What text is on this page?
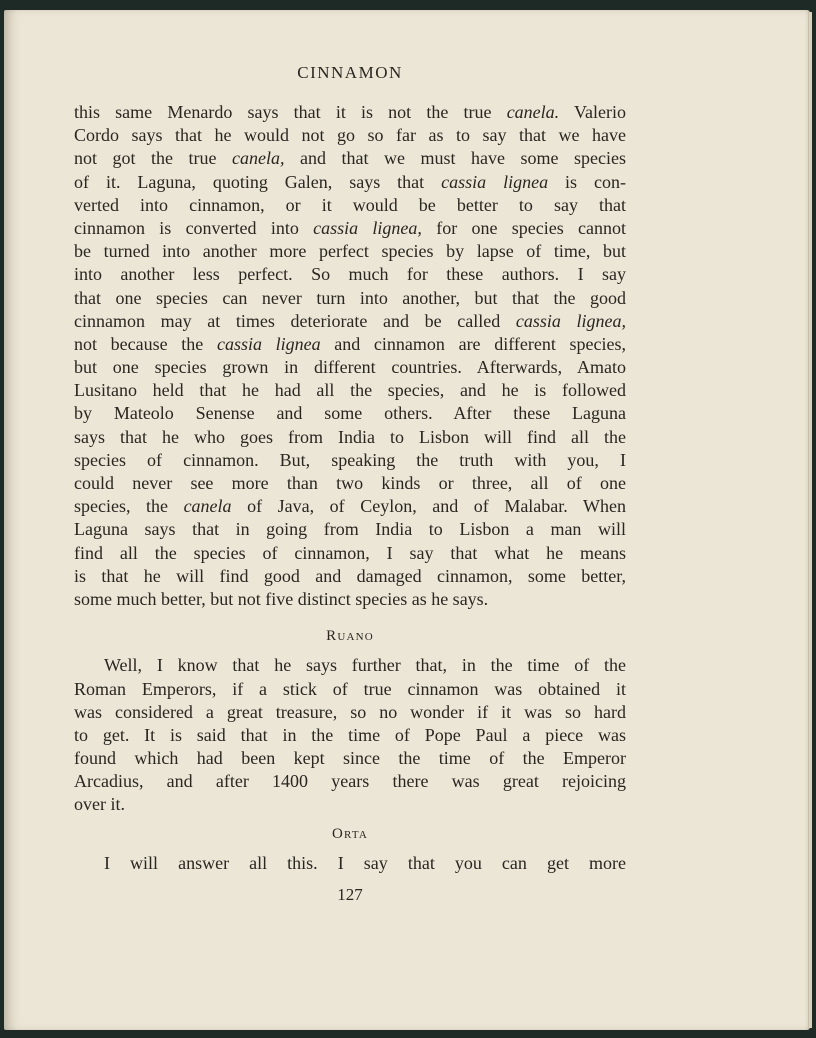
CINNAMON
this same Menardo says that it is not the true canela. Valerio
Cordo says that he would not go so far as to say that we have
not got the true canela, and that we must have some species
of it. Laguna, quoting Galen, says that cassia lignea is con-
verted into cinnamon, or it would be better to say that
cinnamon is converted into cassia lignea, for one species cannot
be turned into another more perfect species by lapse of time, but
into another less perfect. So much for these authors. I say
that one species can never turn into another, but that the good
cinnamon may at times deteriorate and be called cassia lignea,
not because the cassia lignea and cinnamon are different species,
but one species grown in different countries. Afterwards, Amato
Lusitano held that he had all the species, and he is followed
by Mateolo Senense and some others. After these Laguna
says that he who goes from India to Lisbon will find all the
species of cinnamon. But, speaking the truth with you, I
could never see more than two kinds or three, all of one
species, the canela of Java, of Ceylon, and of Malabar. When
Laguna says that in going from India to Lisbon a man will
find all the species of cinnamon, I say that what he means
is that he will find good and damaged cinnamon, some better,
some much better, but not five distinct species as he says.
Ruano
Well, I know that he says further that, in the time of the
Roman Emperors, if a stick of true cinnamon was obtained it
was considered a great treasure, so no wonder if it was so hard
to get. It is said that in the time of Pope Paul a piece was
found which had been kept since the time of the Emperor
Arcadius, and after 1400 years there was great rejoicing
over it.
Orta
I will answer all this. I say that you can get more
127
